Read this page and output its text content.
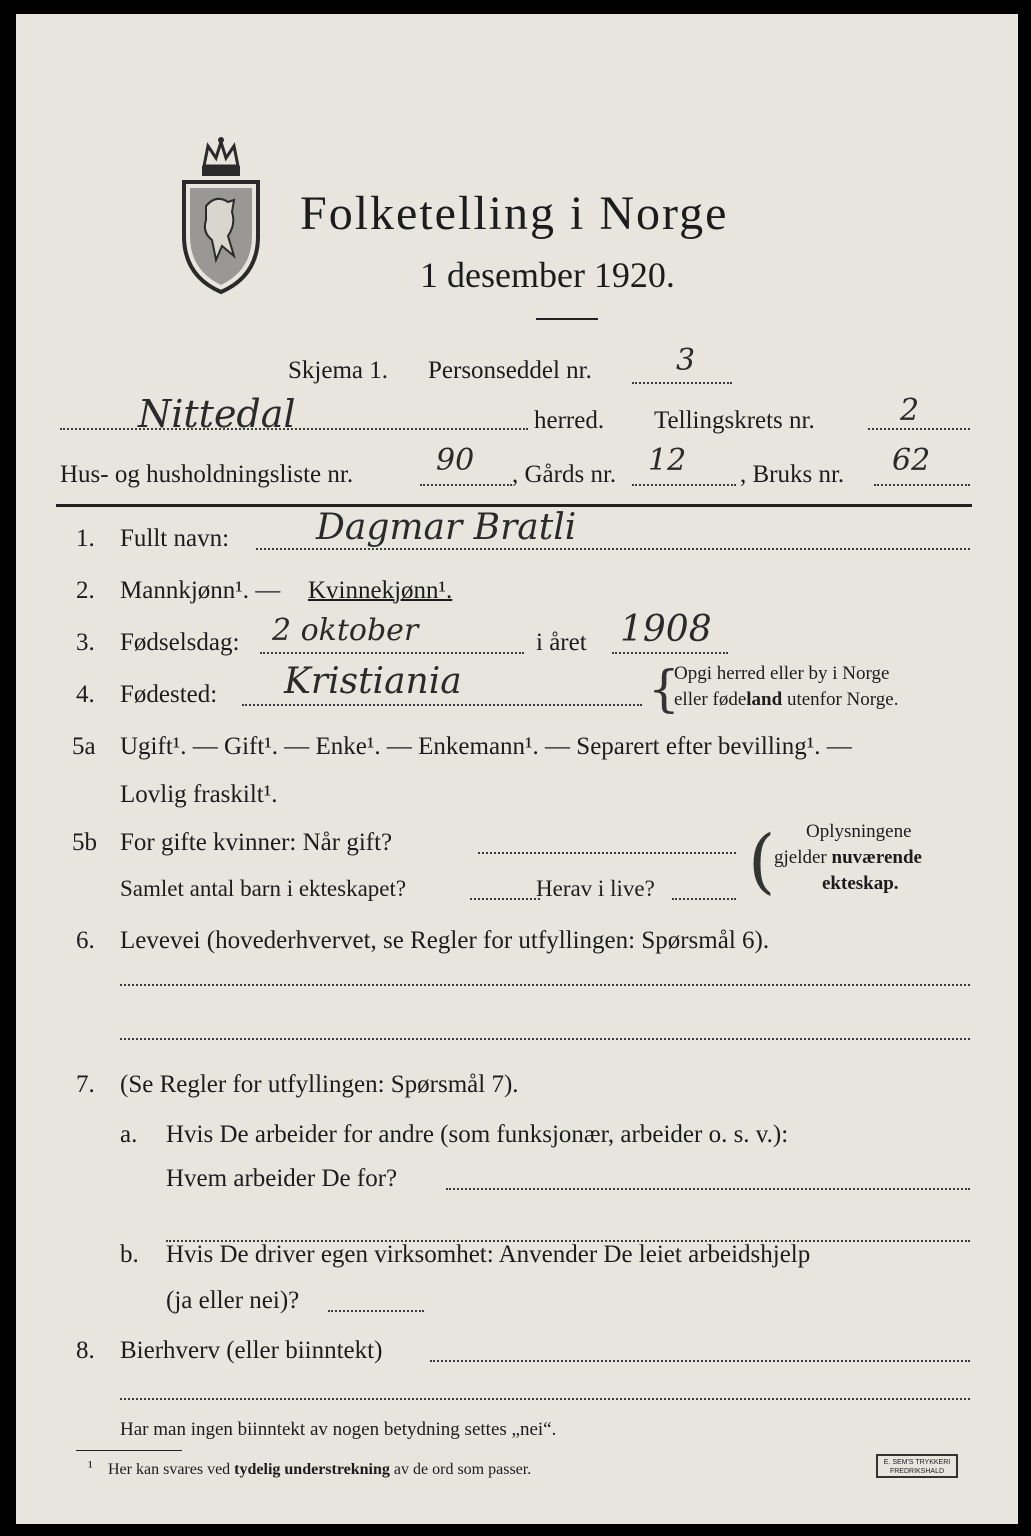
Folketelling i Norge
1 desember 1920.
Skjema 1. Personseddel nr.	3
Nittedal	herred. Tellingskrets nr.	2
Hus- og husholdningsliste nr.	90 , Gårds nr. 12 , Bruks nr. 62
1. Fullt navn: Dagmar Bratli
2. Mannkjønn¹. — Kvinnekjønn¹.
3. Fødselsdag: 2 oktober	i året 1908
4. Fødested: Kristiania	{
Opgi herred eller by i Norge
eller fødeland utenfor Norge.
5a Ugift¹. — Gift¹. — Enke¹. — Enkemann¹. — Separert efter bevilling¹. —
Lovlig fraskilt¹.
5b For gifte kvinner: Når gift?
Samlet antal barn i ekteskapet?	Herav i live? ( Oplysningene
gjelder nuværende
ekteskap.
6. Levevei (hovederhvervet, se Regler for utfyllingen: Spørsmål 6).
7. (Se Regler for utfyllingen: Spørsmål 7).
a. Hvis De arbeider for andre (som funksjonær, arbeider o. s. v.):
Hvem arbeider De for?
b. Hvis De driver egen virksomhet: Anvender De leiet arbeidshjelp
(ja eller nei)?
8. Bierhverv (eller biinntekt)
Har man ingen biinntekt av nogen betydning settes „nei“.
¹ Her kan svares ved tydelig understrekning av de ord som passer.	E. SEM'S TRYKKERI
FREDRIKSHALD
